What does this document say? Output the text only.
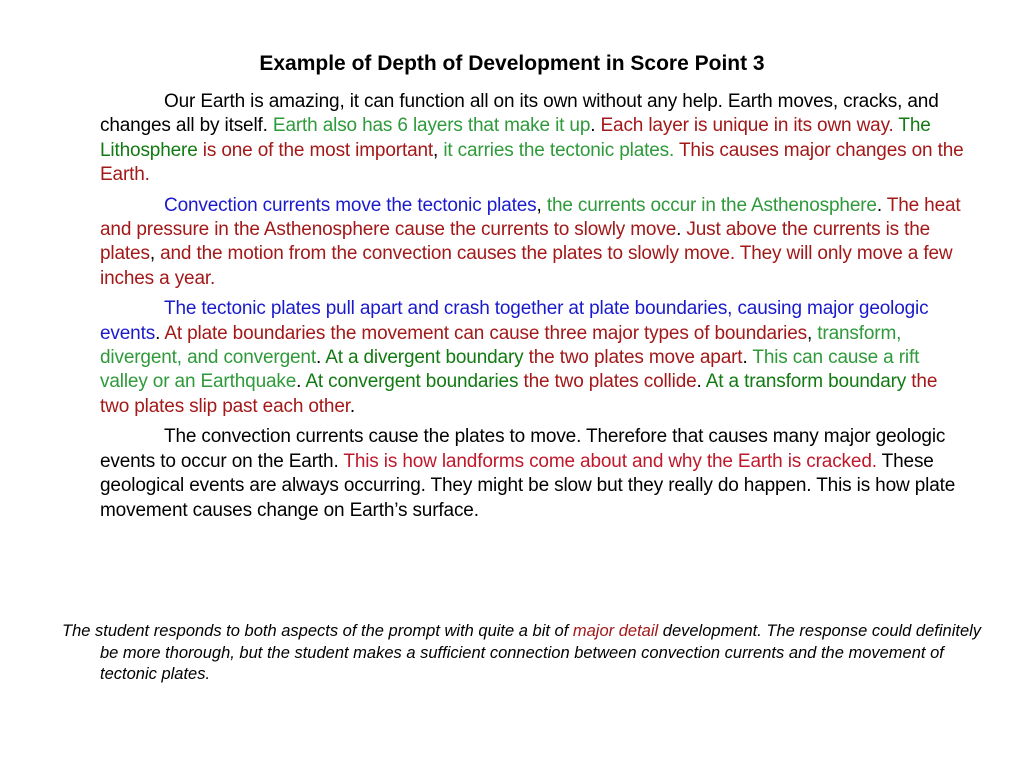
Example of Depth of Development in Score Point 3

Our Earth is amazing, it can function all on its own without any help. Earth moves, cracks, and changes all by itself. Earth also has 6 layers that make it up. Each layer is unique in its own way. The Lithosphere is one of the most important, it carries the tectonic plates. This causes major changes on the Earth.

Convection currents move the tectonic plates, the currents occur in the Asthenosphere. The heat and pressure in the Asthenosphere cause the currents to slowly move. Just above the currents is the plates, and the motion from the convection causes the plates to slowly move. They will only move a few inches a year.

The tectonic plates pull apart and crash together at plate boundaries, causing major geologic events. At plate boundaries the movement can cause three major types of boundaries, transform, divergent, and convergent. At a divergent boundary the two plates move apart. This can cause a rift valley or an Earthquake. At convergent boundaries the two plates collide. At a transform boundary the two plates slip past each other.

The convection currents cause the plates to move. Therefore that causes many major geologic events to occur on the Earth. This is how landforms come about and why the Earth is cracked. These geological events are always occurring. They might be slow but they really do happen. This is how plate movement causes change on Earth’s surface.

The student responds to both aspects of the prompt with quite a bit of major detail development. The response could definitely be more thorough, but the student makes a sufficient connection between convection currents and the movement of tectonic plates.
